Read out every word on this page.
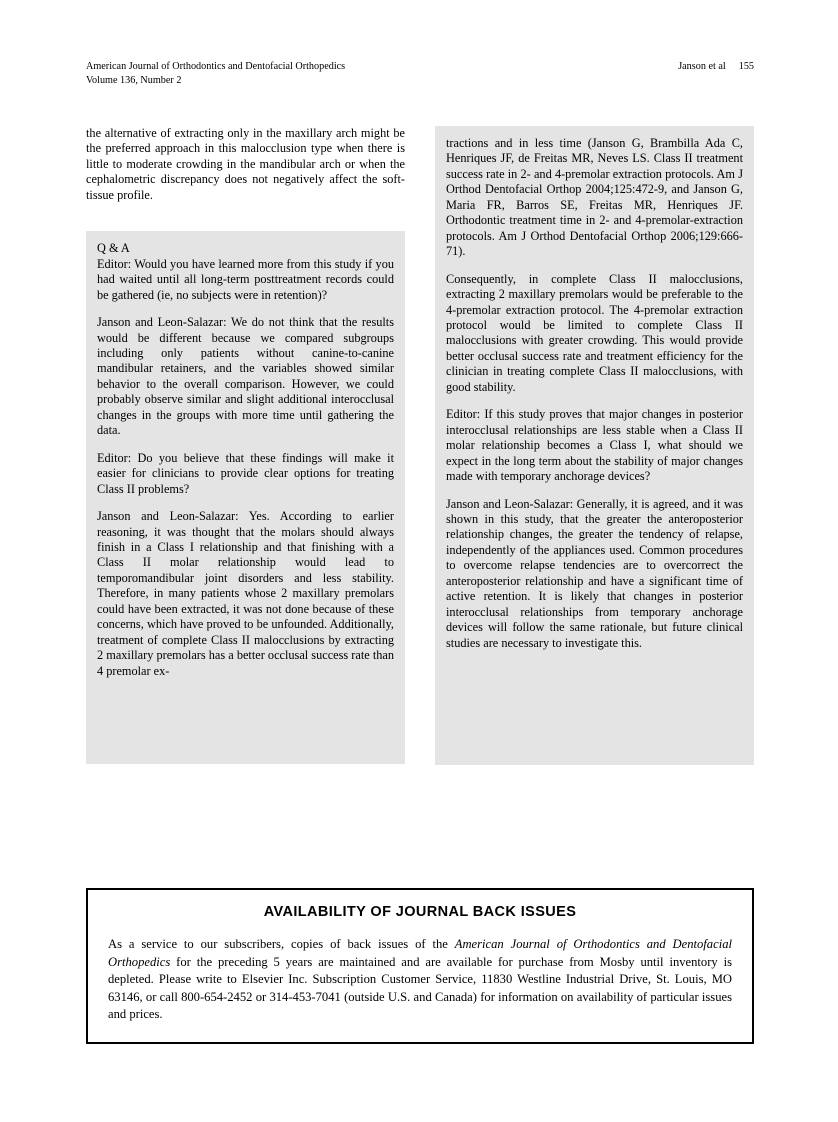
American Journal of Orthodontics and Dentofacial Orthopedics
Volume 136, Number 2
Janson et al 155

the alternative of extracting only in the maxillary arch might be the preferred approach in this malocclusion type when there is little to moderate crowding in the mandibular arch or when the cephalometric discrepancy does not negatively affect the soft-tissue profile.

Q & A

Editor: Would you have learned more from this study if you had waited until all long-term posttreatment records could be gathered (ie, no subjects were in retention)?

Janson and Leon-Salazar: We do not think that the results would be different because we compared subgroups including only patients without canine-to-canine mandibular retainers, and the variables showed similar behavior to the overall comparison. However, we could probably observe similar and slight additional interocclusal changes in the groups with more time until gathering the data.

Editor: Do you believe that these findings will make it easier for clinicians to provide clear options for treating Class II problems?

Janson and Leon-Salazar: Yes. According to earlier reasoning, it was thought that the molars should always finish in a Class I relationship and that finishing with a Class II molar relationship would lead to temporomandibular joint disorders and less stability. Therefore, in many patients whose 2 maxillary premolars could have been extracted, it was not done because of these concerns, which have proved to be unfounded. Additionally, treatment of complete Class II malocclusions by extracting 2 maxillary premolars has a better occlusal success rate than 4 premolar ex-

tractions and in less time (Janson G, Brambilla Ada C, Henriques JF, de Freitas MR, Neves LS. Class II treatment success rate in 2- and 4-premolar extraction protocols. Am J Orthod Dentofacial Orthop 2004;125:472-9, and Janson G, Maria FR, Barros SE, Freitas MR, Henriques JF. Orthodontic treatment time in 2- and 4-premolar-extraction protocols. Am J Orthod Dentofacial Orthop 2006;129:666-71).

Consequently, in complete Class II malocclusions, extracting 2 maxillary premolars would be preferable to the 4-premolar extraction protocol. The 4-premolar extraction protocol would be limited to complete Class II malocclusions with greater crowding. This would provide better occlusal success rate and treatment efficiency for the clinician in treating complete Class II malocclusions, with good stability.

Editor: If this study proves that major changes in posterior interocclusal relationships are less stable when a Class II molar relationship becomes a Class I, what should we expect in the long term about the stability of major changes made with temporary anchorage devices?

Janson and Leon-Salazar: Generally, it is agreed, and it was shown in this study, that the greater the anteroposterior relationship changes, the greater the tendency of relapse, independently of the appliances used. Common procedures to overcome relapse tendencies are to overcorrect the anteroposterior relationship and have a significant time of active retention. It is likely that changes in posterior interocclusal relationships from temporary anchorage devices will follow the same rationale, but future clinical studies are necessary to investigate this.

AVAILABILITY OF JOURNAL BACK ISSUES

As a service to our subscribers, copies of back issues of the American Journal of Orthodontics and Dentofacial Orthopedics for the preceding 5 years are maintained and are available for purchase from Mosby until inventory is depleted. Please write to Elsevier Inc. Subscription Customer Service, 11830 Westline Industrial Drive, St. Louis, MO 63146, or call 800-654-2452 or 314-453-7041 (outside U.S. and Canada) for information on availability of particular issues and prices.
